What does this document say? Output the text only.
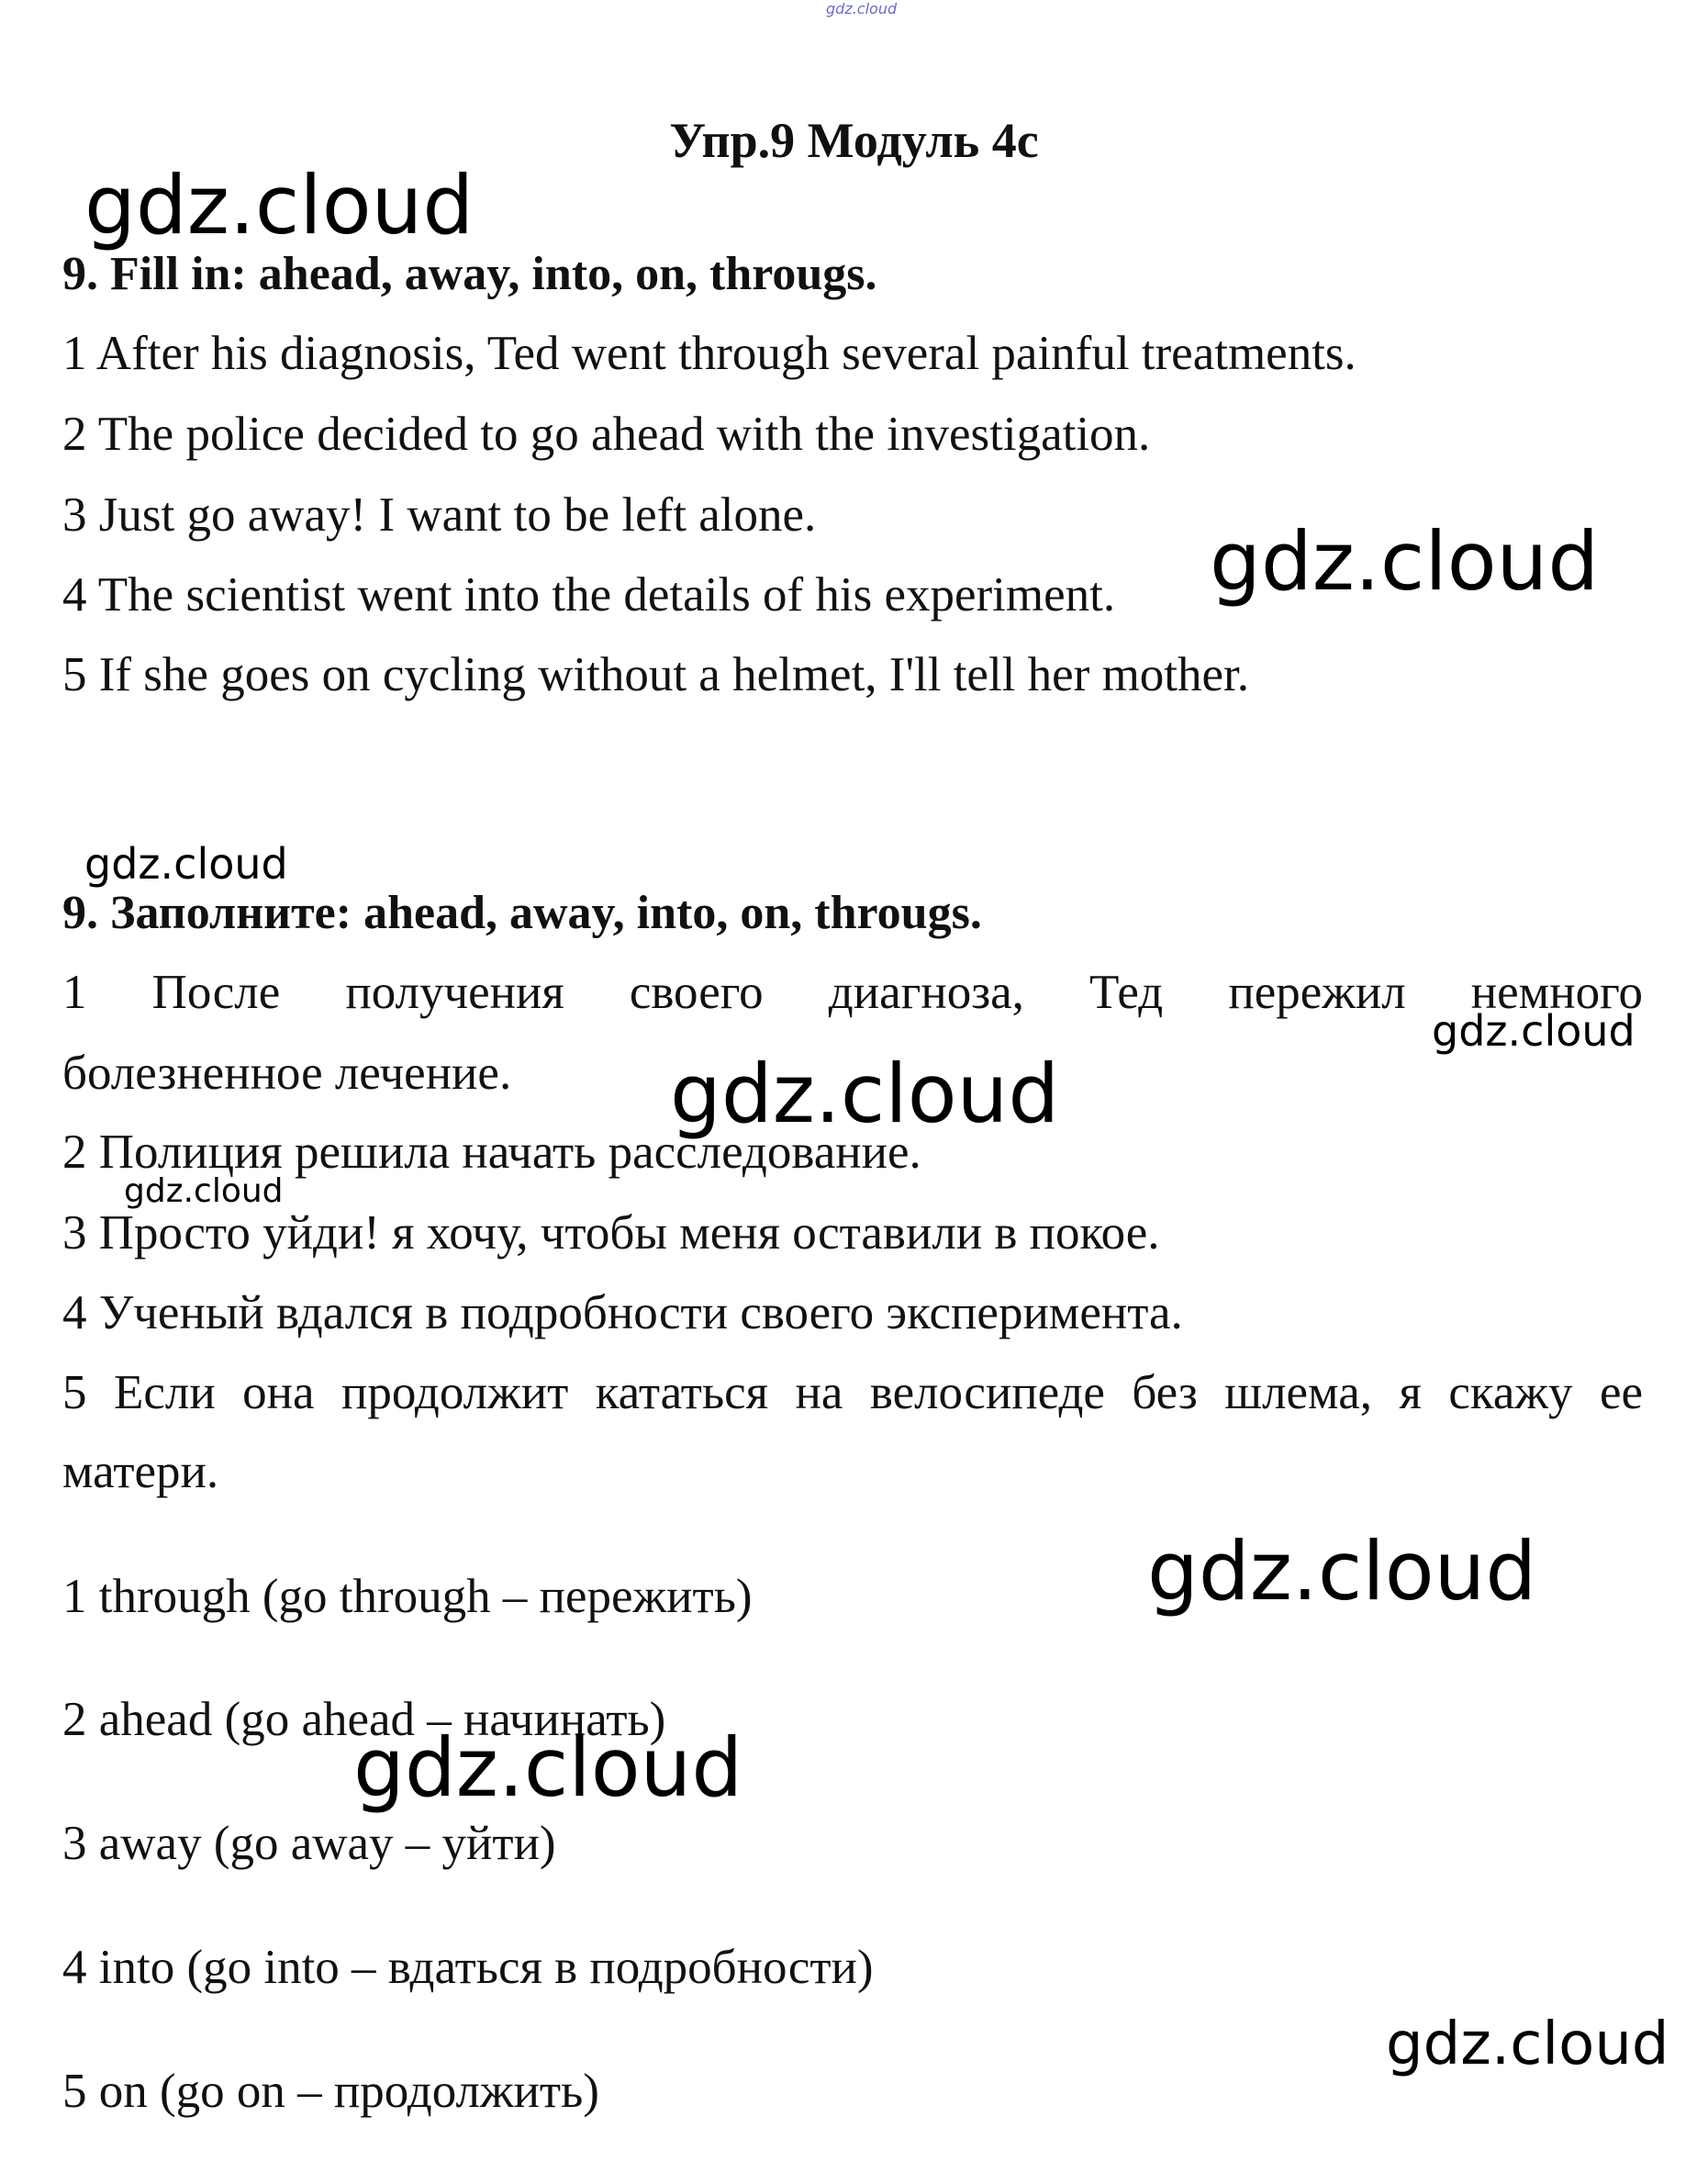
gdz.cloud
Упр.9 Модуль 4с
gdz.cloud
9. Fill in: ahead, away, into, on, througs.
1 After his diagnosis, Ted went through several painful treatments.
2 The police decided to go ahead with the investigation.
3 Just go away! I want to be left alone.
4 The scientist went into the details of his experiment.
5 If she goes on cycling without a helmet, I'll tell her mother.
gdz.cloud
gdz.cloud
9. Заполните: ahead, away, into, on, througs.
1 После получения своего диагноза, Тед пережил немного
gdz.cloud
болезненное лечение. gdz.cloud
2 Полиция решила начать расследование.
gdz.cloud
3 Просто уйди! я хочу, чтобы меня оставили в покое.
4 Ученый вдался в подробности своего эксперимента.
5 Если она продолжит кататься на велосипеде без шлема, я скажу ее
матери.
gdz.cloud
1 through (go through – пережить)
2 ahead (go ahead – начинать)
gdz.cloud
3 away (go away – уйти)
4 into (go into – вдаться в подробности)
gdz.cloud
5 on (go on – продолжить)
